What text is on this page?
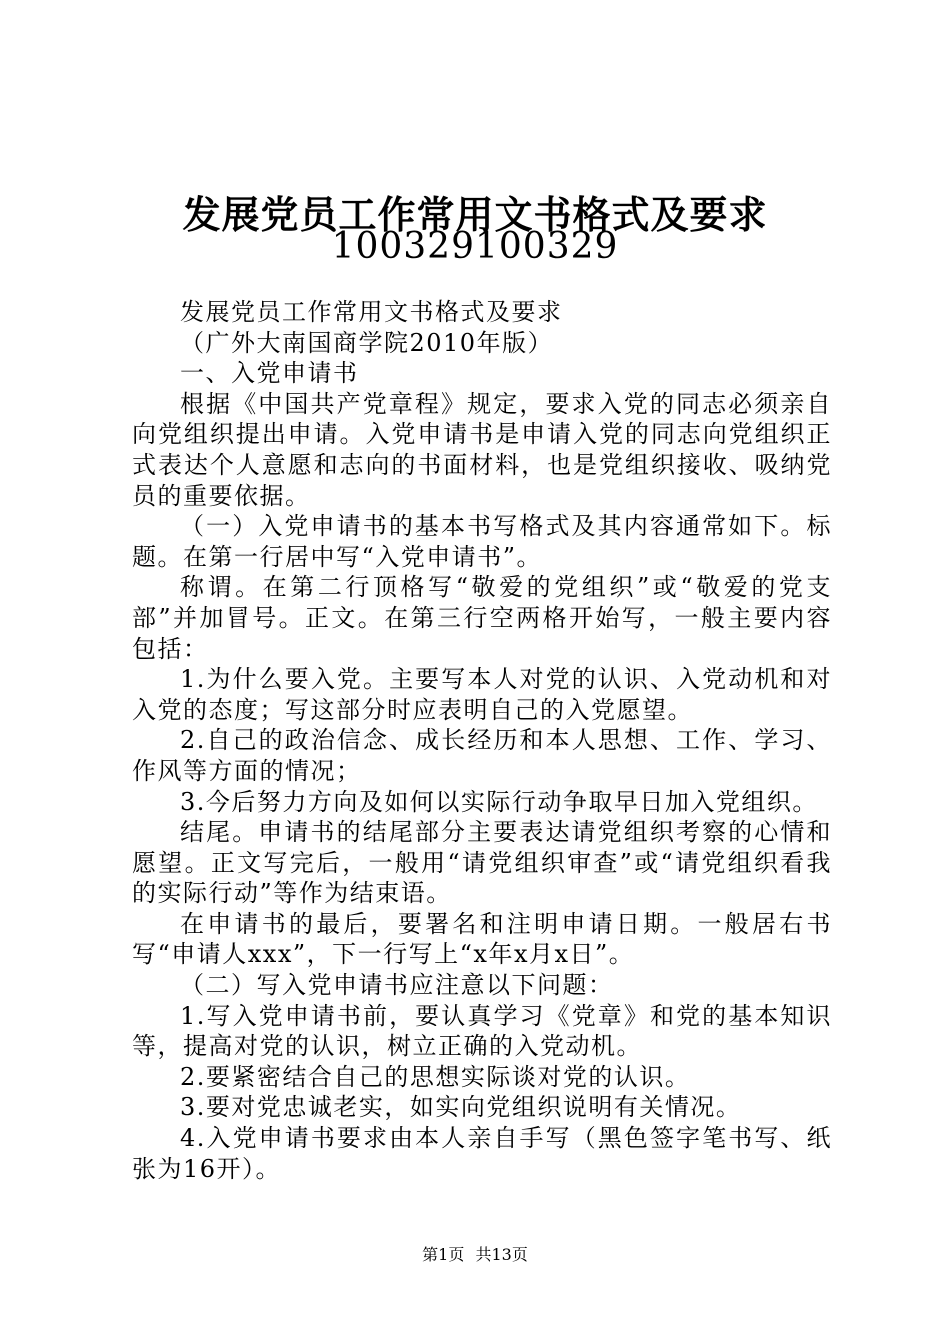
发展党员工作常用文书格式及要求
100329100329

发展党员工作常用文书格式及要求

（广外大南国商学院2010年版）

一、入党申请书

根据《中国共产党章程》规定，要求入党的同志必须亲自向党组织提出申请。入党申请书是申请入党的同志向党组织正式表达个人意愿和志向的书面材料，也是党组织接收、吸纳党员的重要依据。

（一）入党申请书的基本书写格式及其内容通常如下。标题。在第一行居中写“入党申请书”。

称谓。在第二行顶格写“敬爱的党组织”或“敬爱的党支部”并加冒号。正文。在第三行空两格开始写，一般主要内容包括：

1.为什么要入党。主要写本人对党的认识、入党动机和对入党的态度；写这部分时应表明自己的入党愿望。

2.自己的政治信念、成长经历和本人思想、工作、学习、作风等方面的情况；

3.今后努力方向及如何以实际行动争取早日加入党组织。

结尾。申请书的结尾部分主要表达请党组织考察的心情和愿望。正文写完后，一般用“请党组织审查”或“请党组织看我的实际行动”等作为结束语。

在申请书的最后，要署名和注明申请日期。一般居右书写“申请人xxx”，下一行写上“x年x月x日”。

（二）写入党申请书应注意以下问题：

1.写入党申请书前，要认真学习《党章》和党的基本知识等，提高对党的认识，树立正确的入党动机。

2.要紧密结合自己的思想实际谈对党的认识。

3.要对党忠诚老实，如实向党组织说明有关情况。

4.入党申请书要求由本人亲自手写（黑色签字笔书写、纸张为16开）。

第1页 共13页
